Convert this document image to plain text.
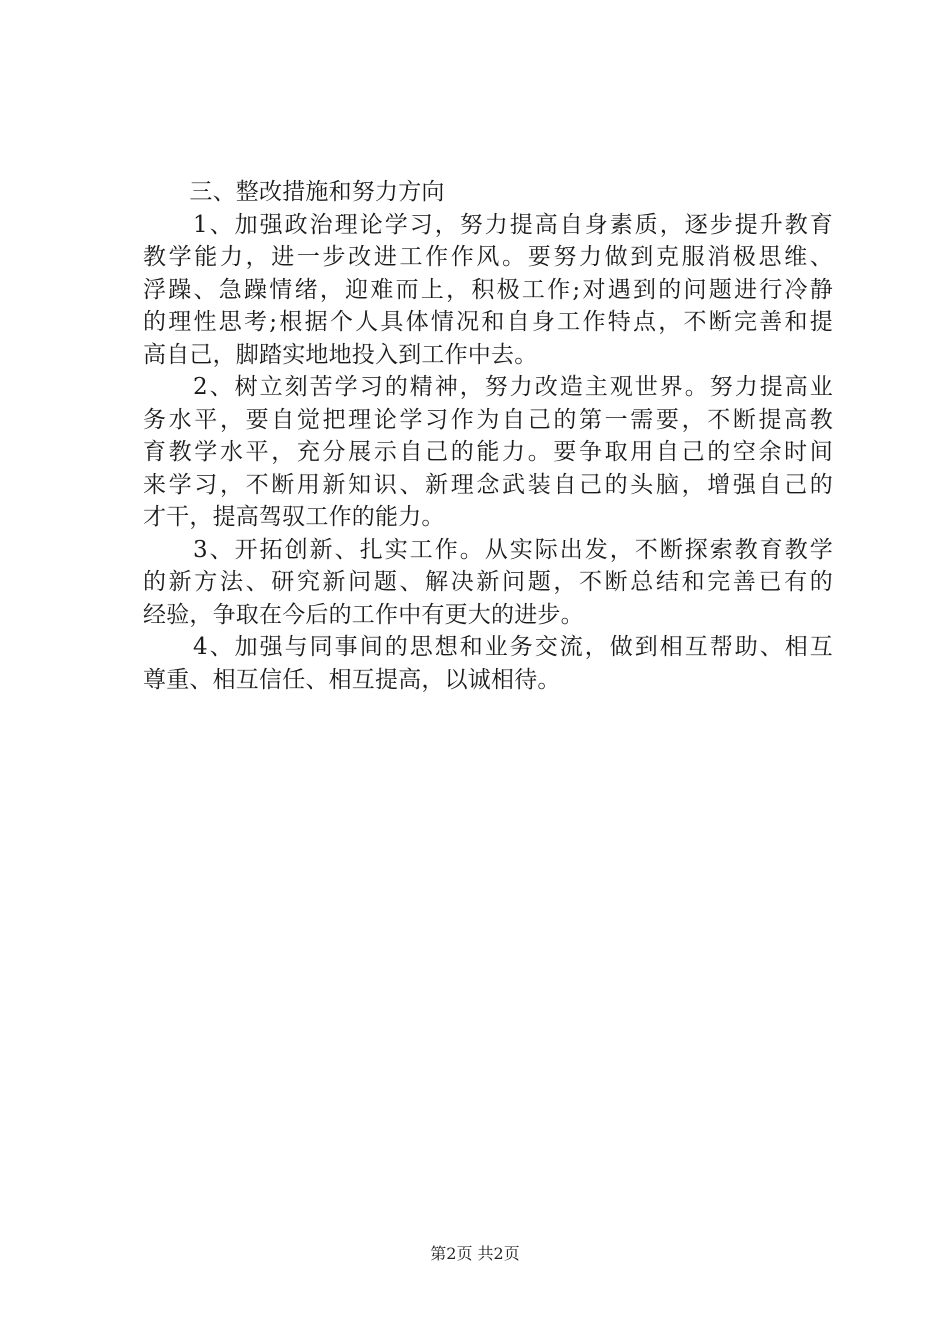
　　三、整改措施和努力方向
　　1、加强政治理论学习，努力提高自身素质，逐步提升教育
教学能力，进一步改进工作作风。要努力做到克服消极思维、
浮躁、急躁情绪，迎难而上，积极工作;对遇到的问题进行冷静
的理性思考;根据个人具体情况和自身工作特点，不断完善和提
高自己，脚踏实地地投入到工作中去。
　　2、树立刻苦学习的精神，努力改造主观世界。努力提高业
务水平，要自觉把理论学习作为自己的第一需要，不断提高教
育教学水平，充分展示自己的能力。要争取用自己的空余时间
来学习，不断用新知识、新理念武装自己的头脑，增强自己的
才干，提高驾驭工作的能力。
　　3、开拓创新、扎实工作。从实际出发，不断探索教育教学
的新方法、研究新问题、解决新问题，不断总结和完善已有的
经验，争取在今后的工作中有更大的进步。
　　4、加强与同事间的思想和业务交流，做到相互帮助、相互
尊重、相互信任、相互提高，以诚相待。
第2页 共2页
